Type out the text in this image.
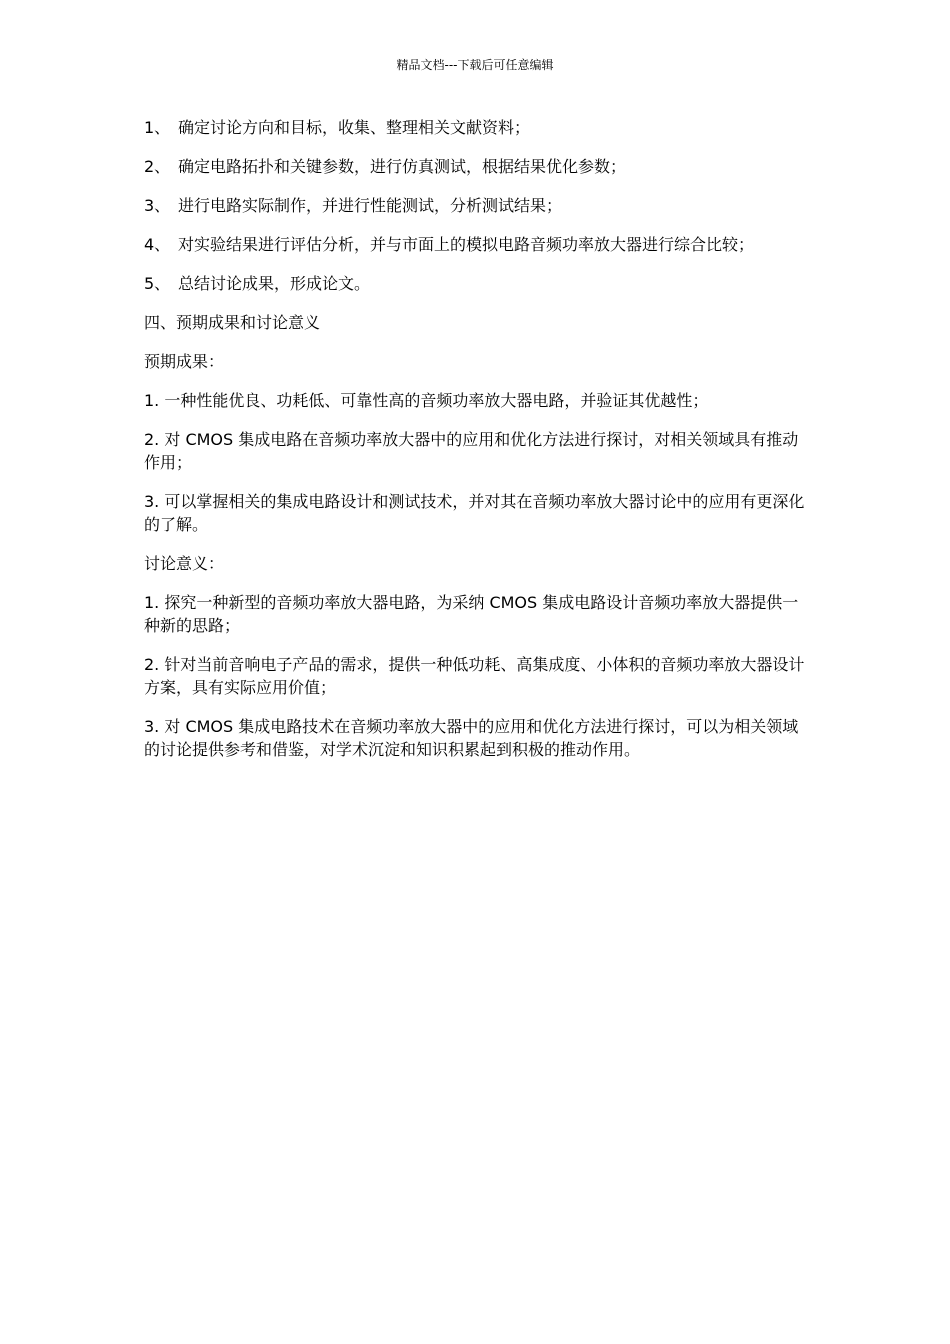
精品文档---下载后可任意编辑
1、 确定讨论方向和目标，收集、整理相关文献资料；
2、 确定电路拓扑和关键参数，进行仿真测试，根据结果优化参数；
3、 进行电路实际制作，并进行性能测试，分析测试结果；
4、 对实验结果进行评估分析，并与市面上的模拟电路音频功率放大器进行综合比较；
5、 总结讨论成果，形成论文。

四、预期成果和讨论意义

预期成果：

1. 一种性能优良、功耗低、可靠性高的音频功率放大器电路，并验证其优越性；

2. 对 CMOS 集成电路在音频功率放大器中的应用和优化方法进行探讨，对相关领域具有推动作用；

3. 可以掌握相关的集成电路设计和测试技术，并对其在音频功率放大器讨论中的应用有更深化的了解。

讨论意义：

1. 探究一种新型的音频功率放大器电路，为采纳 CMOS 集成电路设计音频功率放大器提供一种新的思路；

2. 针对当前音响电子产品的需求，提供一种低功耗、高集成度、小体积的音频功率放大器设计方案，具有实际应用价值；

3. 对 CMOS 集成电路技术在音频功率放大器中的应用和优化方法进行探讨，可以为相关领域的讨论提供参考和借鉴，对学术沉淀和知识积累起到积极的推动作用。
